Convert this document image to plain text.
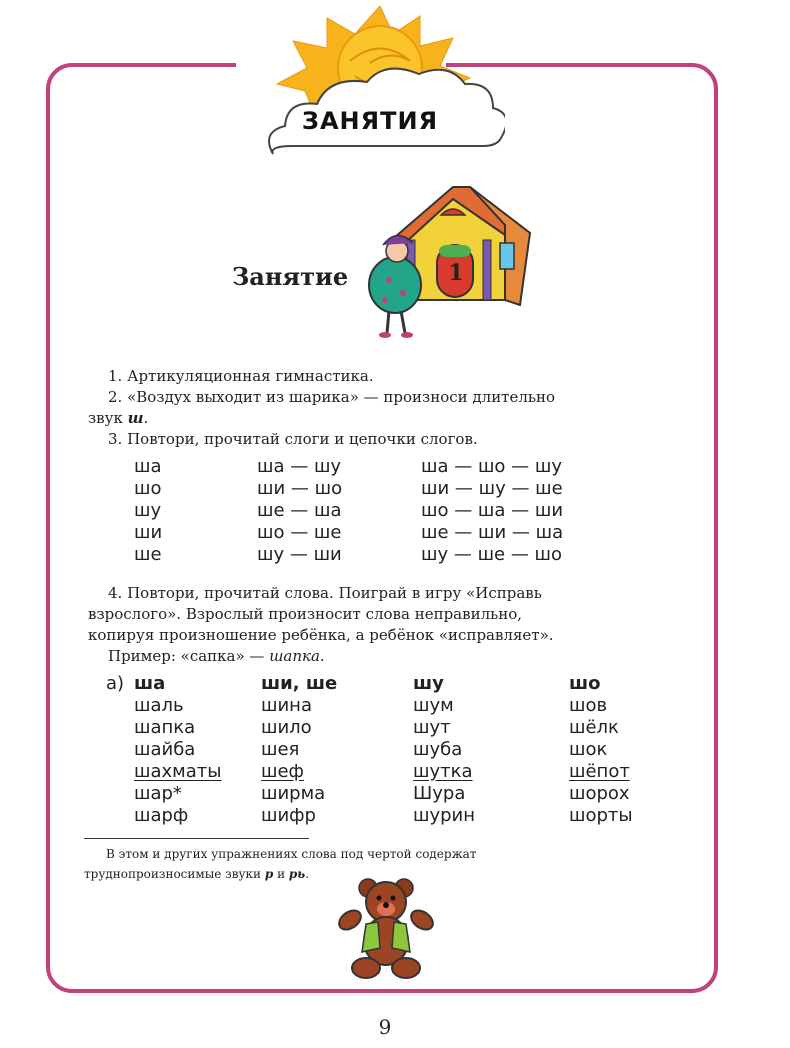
ЗАНЯТИЯ
Занятие	1

1. Артикуляционная гимнастика.

2. «Воздух выходит из шарика» — произноси длительно

звук ш.

3. Повтори, прочитай слоги и цепочки слогов.

ша
шо
шу
ши
ше
ша — шу
ши — шо
ше — ша
шо — ше
шу — ши
ша — шо — шу
ши — шу — ше
шо — ша — ши
ше — ши — ша
шу — ше — шо

4. Повтори, прочитай слова. Поиграй в игру «Исправь

взрослого». Взрослый произносит слова неправильно,

копируя произношение ребёнка, а ребёнок «исправляет».

Пример: «сапка» — шапка.

а) ша
шаль
шапка
шайба
шахматы
шар*
шарф
ши, ше
шина
шило
шея
шеф
ширма
шифр
шу
шум
шут
шуба
шутка
Шура
шурин
шо
шов
шёлк
шок
шёпот
шорох
шорты

В этом и других упражнениях слова под чертой содержат

труднопроизносимые звуки р и рь.

9
